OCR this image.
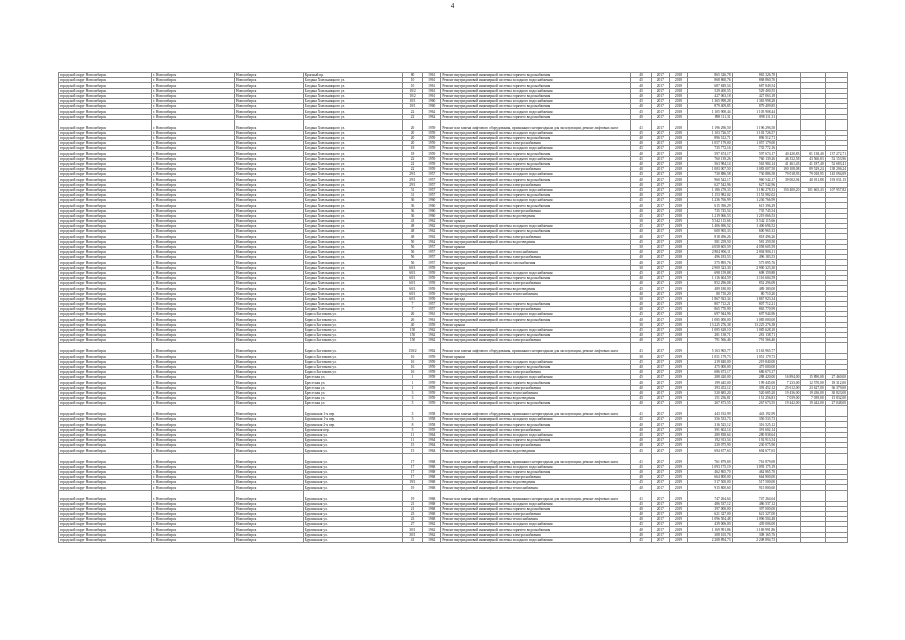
4
городской округ Новосибирск	г. Новосибирск	Новосибирск	Красный пр.	80	1961	Ремонт внутридомовой инженерной системы горячего водоснабжения	40	2017	2018	865 326,78	865 326,78			
городской округ Новосибирск	г. Новосибирск	Новосибирск	Богдана Хмельницкого ул.	10	1961	Ремонт внутридомовой инженерной системы холодного водоснабжения	45	2017	2018	868 860,76	868 860,76			
городской округ Новосибирск	г. Новосибирск	Новосибирск	Богдана Хмельницкого ул.	10	1961	Ремонт внутридомовой инженерной системы горячего водоснабжения	40	2017	2018	687 849,54	687 849,54			
городской округ Новосибирск	г. Новосибирск	Новосибирск	Богдана Хмельницкого ул.	10/2	1961	Ремонт внутридомовой инженерной системы холодного водоснабжения	45	2017	2018	529 400,55	529 400,55			
городской округ Новосибирск	г. Новосибирск	Новосибирск	Богдана Хмельницкого ул.	10/2	1961	Ремонт внутридомовой инженерной системы горячего водоснабжения	40	2017	2018	427 063,18	427 063,18			
городской округ Новосибирск	г. Новосибирск	Новосибирск	Богдана Хмельницкого ул.	10/1	1960	Ремонт внутридомовой инженерной системы холодного водоснабжения	45	2017	2018	1 365 998,28	1 365 998,28			
городской округ Новосибирск	г. Новосибирск	Новосибирск	Богдана Хмельницкого ул.	10/1	1960	Ремонт внутридомовой инженерной системы горячего водоснабжения	40	2017	2018	879 409,85	879 409,85			
городской округ Новосибирск	г. Новосибирск	Новосибирск	Богдана Хмельницкого ул.	22	1962	Ремонт внутридомовой инженерной системы холодного водоснабжения	45	2017	2018	1 105 908,44	1 105 908,44			
городской округ Новосибирск	г. Новосибирск	Новосибирск	Богдана Хмельницкого ул.	22	1962	Ремонт внутридомовой инженерной системы горячего водоснабжения	40	2017	2018	898 111,31	898 111,31			
городской округ Новосибирск	г. Новосибирск	Новосибирск	Богдана Хмельницкого ул.	20	1959	Ремонт или замена лифтового оборудования, признанного непригодным для эксплуатации, ремонт лифтовых шахт	41	2017	2018	1 196 296,50	1 196 296,50			
городской округ Новосибирск	г. Новосибирск	Новосибирск	Богдана Хмельницкого ул.	20	1959	Ремонт внутридомовой инженерной системы холодного водоснабжения	45	2017	2018	1 103 726,57	1 103 726,57			
городской округ Новосибирск	г. Новосибирск	Новосибирск	Богдана Хмельницкого ул.	20	1959	Ремонт внутридомовой инженерной системы горячего водоснабжения	40	2017	2018	896 512,71	896 512,71			
городской округ Новосибирск	г. Новосибирск	Новосибирск	Богдана Хмельницкого ул.	20	1959	Ремонт внутридомовой инженерной системы электроснабжения	40	2017	2018	1 057 179,00	1 057 179,00			
городской округ Новосибирск	г. Новосибирск	Новосибирск	Богдана Хмельницкого ул.	18	1959	Ремонт внутридомовой инженерной системы холодного водоснабжения	45	2017	2018	735 772,16	735 772,16			
городской округ Новосибирск	г. Новосибирск	Новосибирск	Богдана Хмельницкого ул.	18	1959	Ремонт внутридомовой инженерной системы горячего водоснабжения	40	2017	2018	597 674,17	597 674,17	40 420,83	81 138,40	137 272,71
городской округ Новосибирск	г. Новосибирск	Новосибирск	Богдана Хмельницкого ул.	22	1959	Ремонт внутридомовой инженерной системы холодного водоснабжения	45	2017	2018	760 139,26	760 139,26	46 332,58	43 560,83	52 153,96
городской округ Новосибирск	г. Новосибирск	Новосибирск	Богдана Хмельницкого ул.	22	1959	Ремонт внутридомовой инженерной системы горячего водоснабжения	40	2017	2018	563 984,14	563 984,14	41 461,45	41 187,40	52 683,41
городской округ Новосибирск	г. Новосибирск	Новосибирск	Богдана Хмельницкого ул.	22	1959	Ремонт внутридомовой инженерной системы электроснабжения	40	2017	2018	1 083 007,50	1 083 007,50	100 108,08	89 529,24	138 206,24
городской округ Новосибирск	г. Новосибирск	Новосибирск	Богдана Хмельницкого ул.	29/1	1957	Ремонт внутридомовой инженерной системы холодного водоснабжения	45	2017	2018	730 886,58	730 886,58	79 018,95	79 018,95	145 094,09
городской округ Новосибирск	г. Новосибирск	Новосибирск	Богдана Хмельницкого ул.	29/1	1957	Ремонт внутридомовой инженерной системы горячего водоснабжения	40	2017	2018	960 542,17	960 542,17	39 002,94	40 011,88	193 031,15
городской округ Новосибирск	г. Новосибирск	Новосибирск	Богдана Хмельницкого ул.	29/1	1957	Ремонт внутридомовой инженерной системы электроснабжения	40	2017	2018	627 542,96	627 542,96			
городской округ Новосибирск	г. Новосибирск	Новосибирск	Богдана Хмельницкого ул.	31	1957	Ремонт внутридомовой инженерной системы холодного водоснабжения	45	2017	2018	1 186 278,33	1 186 278,33	150 400,20	101 665,43	107 957,82
городской округ Новосибирск	г. Новосибирск	Новосибирск	Богдана Хмельницкого ул.	31	1957	Ремонт внутридомовой инженерной системы горячего водоснабжения	40	2017	2018	1 153 982,02	1 153 982,02			
городской округ Новосибирск	г. Новосибирск	Новосибирск	Богдана Хмельницкого ул.	36	1960	Ремонт внутридомовой инженерной системы холодного водоснабжения	45	2017	2018	1 236 766,99	1 236 766,99			
городской округ Новосибирск	г. Новосибирск	Новосибирск	Богдана Хмельницкого ул.	36	1960	Ремонт внутридомовой инженерной системы горячего водоснабжения	40	2017	2018	615 396,29	615 396,29			
городской округ Новосибирск	г. Новосибирск	Новосибирск	Богдана Хмельницкого ул.	36	1960	Ремонт внутридомовой инженерной системы электроснабжения	40	2017	2018	735 745,54	735 745,54			
городской округ Новосибирск	г. Новосибирск	Новосибирск	Богдана Хмельницкого ул.	36	1960	Ремонт внутридомовой инженерной системы водоотведения	45	2017	2018	1 219 066,53	1 219 066,53			
городской округ Новосибирск	г. Новосибирск	Новосибирск	Богдана Хмельницкого ул.	43	1962	Ремонт крыши	30	2017	2019	5 542 115,66	5 542 115,66			
городской округ Новосибирск	г. Новосибирск	Новосибирск	Богдана Хмельницкого ул.	48	1962	Ремонт внутридомовой инженерной системы холодного водоснабжения	45	2017	2019	1 406 696,52	1 406 696,52			
городской округ Новосибирск	г. Новосибирск	Новосибирск	Богдана Хмельницкого ул.	48	1962	Ремонт внутридомовой инженерной системы горячего водоснабжения	40	2017	2019	600 965,33	600 965,33			
городской округ Новосибирск	г. Новосибирск	Новосибирск	Богдана Хмельницкого ул.	48	1962	Ремонт внутридомовой инженерной системы электроснабжения	40	2017	2019	818 496,26	818 496,26			
городской округ Новосибирск	г. Новосибирск	Новосибирск	Богдана Хмельницкого ул.	50	1962	Ремонт внутридомовой инженерной системы водоотведения	45	2017	2019	581 259,50	581 259,50			
городской округ Новосибирск	г. Новосибирск	Новосибирск	Богдана Хмельницкого ул.	56	1957	Ремонт крыши	30	2017	2018	4 058 605,59	4 058 605,59			
городской округ Новосибирск	г. Новосибирск	Новосибирск	Богдана Хмельницкого ул.	56	1957	Ремонт внутридомовой инженерной системы теплоснабжения	40	2017	2018	2 804 906,11	2 804 906,11			
городской округ Новосибирск	г. Новосибирск	Новосибирск	Богдана Хмельницкого ул.	56	1957	Ремонт внутридомовой инженерной системы электроснабжения	40	2017	2018	496 183,53	496 183,53			
городской округ Новосибирск	г. Новосибирск	Новосибирск	Богдана Хмельницкого ул.	56	1957	Ремонт внутридомовой инженерной системы газоснабжения	40	2017	2018	575 895,76	575 895,76			
городской округ Новосибирск	г. Новосибирск	Новосибирск	Богдана Хмельницкого ул.	60/1	1959	Ремонт крыши	30	2017	2018	2 900 323,30	2 900 323,30			
городской округ Новосибирск	г. Новосибирск	Новосибирск	Богдана Хмельницкого ул.	60/1	1959	Ремонт внутридомовой инженерной системы холодного водоснабжения	45	2017	2019	698 159,88	698 159,88			
городской округ Новосибирск	г. Новосибирск	Новосибирск	Богдана Хмельницкого ул.	60/1	1959	Ремонт внутридомовой инженерной системы горячего водоснабжения	40	2017	2019	1 116 604,59	1 116 604,59			
городской округ Новосибирск	г. Новосибирск	Новосибирск	Богдана Хмельницкого ул.	60/1	1959	Ремонт внутридомовой инженерной системы электроснабжения	40	2017	2019	852 296,08	852 296,08			
городской округ Новосибирск	г. Новосибирск	Новосибирск	Богдана Хмельницкого ул.	60/1	1959	Ремонт внутридомовой инженерной системы водоотведения	45	2017	2019	489 180,00	489 180,00			
городской округ Новосибирск	г. Новосибирск	Новосибирск	Богдана Хмельницкого ул.	60/1	1959	Ремонт внутридомовой инженерной системы теплоснабжения	40	2017	2019	80 710,20	80 710,20			
городской округ Новосибирск	г. Новосибирск	Новосибирск	Богдана Хмельницкого ул.	60/1	1959	Ремонт фасада	30	2017	2019	1 867 923,34	1 867 923,34			
городской округ Новосибирск	г. Новосибирск	Новосибирск	Богдана Хмельницкого ул.	7	1957	Ремонт внутридомовой инженерной системы горячего водоснабжения	40	2017	2019	807 712,21	807 712,21			
городской округ Новосибирск	г. Новосибирск	Новосибирск	Богдана Хмельницкого ул.	7	1957	Ремонт внутридомовой инженерной системы электроснабжения	40	2017	2019	865 770,99	865 770,99			
городской округ Новосибирск	г. Новосибирск	Новосибирск	Бориса Богаткова ул.	26	1961	Ремонт внутридомовой инженерной системы холодного водоснабжения	45	2017	2018	697 944,96	697 944,96			
городской округ Новосибирск	г. Новосибирск	Новосибирск	Бориса Богаткова ул.	26	1961	Ремонт внутридомовой инженерной системы горячего водоснабжения	40	2017	2018	1 085 000,00	1 085 000,00			
городской округ Новосибирск	г. Новосибирск	Новосибирск	Бориса Богаткова ул.	40	1959	Ремонт крыши	30	2017	2018	13 225 276,38	13 225 276,38			
городской округ Новосибирск	г. Новосибирск	Новосибирск	Бориса Богаткова ул.	150	1962	Ремонт внутридомовой инженерной системы холодного водоснабжения	45	2017	2018	1 085 628,10	1 085 628,10			
городской округ Новосибирск	г. Новосибирск	Новосибирск	Бориса Богаткова ул.	150	1962	Ремонт внутридомовой инженерной системы горячего водоснабжения	40	2017	2018	281 138,71	281 138,71			
городской округ Новосибирск	г. Новосибирск	Новосибирск	Бориса Богаткова ул.	150	1962	Ремонт внутридомовой инженерной системы электроснабжения	40	2017	2018	791 566,46	791 566,46			
городской округ Новосибирск	г. Новосибирск	Новосибирск	Бориса Богаткова ул.	150/2	1962	Ремонт или замена лифтового оборудования, признанного непригодным для эксплуатации, ремонт лифтовых шахт	41	2017	2019	5 163 965,77	5 163 965,77			
городской округ Новосибирск	г. Новосибирск	Новосибирск	Бориса Богаткова ул.	16	1959	Ремонт крыши	30	2017	2019	1 051 179,73	1 051 179,73			
городской округ Новосибирск	г. Новосибирск	Новосибирск	Бориса Богаткова ул.	16	1959	Ремонт внутридомовой инженерной системы холодного водоснабжения	45	2017	2019	219 840,00	219 840,00			
городской округ Новосибирск	г. Новосибирск	Новосибирск	Бориса Богаткова ул.	16	1959	Ремонт внутридомовой инженерной системы горячего водоснабжения	40	2017	2019	475 000,00	475 000,00			
городской округ Новосибирск	г. Новосибирск	Новосибирск	Бориса Богаткова ул.	16	1959	Ремонт внутридомовой инженерной системы электроснабжения	40	2017	2019	686 673,17	686 673,17			
городской округ Новосибирск	г. Новосибирск	Новосибирск	Брестская ул.	1	1959	Ремонт внутридомовой инженерной системы холодного водоснабжения	45	2017	2019	288 420,00	288 420,00	16 894,00	15 890,00	27 460,00
городской округ Новосибирск	г. Новосибирск	Новосибирск	Брестская ул.	1	1959	Ремонт внутридомовой инженерной системы горячего водоснабжения	40	2017	2019	199 445,00	199 445,00	7 233,00	12 570,00	18 312,00
городской округ Новосибирск	г. Новосибирск	Новосибирск	Брестская ул.	1	1959	Ремонт внутридомовой инженерной системы электроснабжения	40	2017	2019	393 452,12	393 452,12	25 612,00	23 627,00	36 379,00
городской округ Новосибирск	г. Новосибирск	Новосибирск	Брестская ул.	3	1959	Ремонт внутридомовой инженерной системы теплоснабжения	40	2017	2019	520 685,20	520 685,20	19 436,00	19 436,00	30 823,00
городской округ Новосибирск	г. Новосибирск	Новосибирск	Брестская ул.	3	1959	Ремонт внутридомовой инженерной системы водоотведения	45	2017	2019	151 256,81	151 256,81	7 039,00	7 039,00	15 832,00
городской округ Новосибирск	г. Новосибирск	Новосибирск	Брестская ул.	5	1959	Ремонт внутридомовой инженерной системы горячего водоснабжения	40	2017	2019	267 673,55	267 673,55	19 442,00	19 442,00	27 048,00
городской округ Новосибирск	г. Новосибирск	Новосибирск	Бурлинская 1-я пер.	5	1958	Ремонт или замена лифтового оборудования, признанного непригодным для эксплуатации, ремонт лифтовых шахт	41	2017	2019	443 192,99	443 192,99			
городской округ Новосибирск	г. Новосибирск	Новосибирск	Бурлинская 1-я пер.	5	1958	Ремонт внутридомовой инженерной системы холодного водоснабжения	45	2017	2019	356 533,73	356 533,73			
городской округ Новосибирск	г. Новосибирск	Новосибирск	Бурлинская 2-я пер.	8	1958	Ремонт внутридомовой инженерной системы горячего водоснабжения	40	2017	2019	316 525,12	316 525,12			
городской округ Новосибирск	г. Новосибирск	Новосибирск	Бурлинская пер.	5	1959	Ремонт внутридомовой инженерной системы электроснабжения	40	2017	2019	391 602,14	391 602,14			
городской округ Новосибирск	г. Новосибирск	Новосибирск	Бурлинская ул.	11	1964	Ремонт внутридомовой инженерной системы холодного водоснабжения	45	2017	2019	280 838,64	280 838,64			
городской округ Новосибирск	г. Новосибирск	Новосибирск	Бурлинская ул.	11	1964	Ремонт внутридомовой инженерной системы горячего водоснабжения	40	2017	2019	192 913,54	192 913,54			
городской округ Новосибирск	г. Новосибирск	Новосибирск	Бурлинская ул.	15	1964	Ремонт внутридомовой инженерной системы электроснабжения	40	2017	2019	230 075,90	230 075,90			
городской округ Новосибирск	г. Новосибирск	Новосибирск	Бурлинская ул.	15	1964	Ремонт внутридомовой инженерной системы водоотведения	45	2017	2019	694 677,63	694 677,63			
городской округ Новосибирск	г. Новосибирск	Новосибирск	Бурлинская ул.	17	1968	Ремонт или замена лифтового оборудования, признанного непригодным для эксплуатации, ремонт лифтовых шахт	41	2017	2019	761 879,69	761 879,69			
городской округ Новосибирск	г. Новосибирск	Новосибирск	Бурлинская ул.	17	1968	Ремонт внутридомовой инженерной системы холодного водоснабжения	45	2017	2019	1 093 175,19	1 093 175,19			
городской округ Новосибирск	г. Новосибирск	Новосибирск	Бурлинская ул.	17	1968	Ремонт внутридомовой инженерной системы горячего водоснабжения	40	2017	2019	462 865,70	462 865,70			
городской округ Новосибирск	г. Новосибирск	Новосибирск	Бурлинская ул.	17	1968	Ремонт внутридомовой инженерной системы электроснабжения	40	2017	2019	664 800,00	664 800,00			
городской округ Новосибирск	г. Новосибирск	Новосибирск	Бурлинская ул.	19/1	1968	Ремонт внутридомовой инженерной системы водоотведения	45	2017	2019	517 500,00	517 500,00			
городской округ Новосибирск	г. Новосибирск	Новосибирск	Бурлинская ул.	19	1968	Ремонт внутридомовой инженерной системы теплоснабжения	40	2017	2019	915 800,60	915 800,60			
городской округ Новосибирск	г. Новосибирск	Новосибирск	Бурлинская ул.	19	1968	Ремонт или замена лифтового оборудования, признанного непригодным для эксплуатации, ремонт лифтовых шахт	41	2017	2019	747 264,64	747 264,64			
городской округ Новосибирск	г. Новосибирск	Новосибирск	Бурлинская ул.	21	1968	Ремонт внутридомовой инженерной системы холодного водоснабжения	45	2017	2019	486 537,12	486 537,12			
городской округ Новосибирск	г. Новосибирск	Новосибирск	Бурлинская ул.	21	1968	Ремонт внутридомовой инженерной системы горячего водоснабжения	40	2017	2019	397 000,00	397 000,00			
городской округ Новосибирск	г. Новосибирск	Новосибирск	Бурлинская ул.	23	1968	Ремонт внутридомовой инженерной системы электроснабжения	40	2017	2019	621 327,00	621 327,00			
городской округ Новосибирск	г. Новосибирск	Новосибирск	Бурлинская ул.	23	1968	Ремонт внутридомовой инженерной системы теплоснабжения	40	2017	2019	1 096 504,48	1 096 504,48			
городской округ Новосибирск	г. Новосибирск	Новосибирск	Бурлинская ул.	27	1962	Ремонт внутридомовой инженерной системы холодного водоснабжения	45	2017	2019	439 006,00	439 006,00			
городской округ Новосибирск	г. Новосибирск	Новосибирск	Бурлинская ул.	30/1	1962	Ремонт внутридомовой инженерной системы горячего водоснабжения	40	2017	2019	1 169 991,86	1 169 991,86			
городской округ Новосибирск	г. Новосибирск	Новосибирск	Бурлинская ул.	30/1	1962	Ремонт внутридомовой инженерной системы электроснабжения	40	2017	2019	308 165,76	308 165,76			
городской округ Новосибирск	г. Новосибирск	Новосибирск	Бурлинская ул.	41	1962	Ремонт внутридомовой инженерной системы холодного водоснабжения	45	2017	2019	2 208 894,73	2 208 894,73			
